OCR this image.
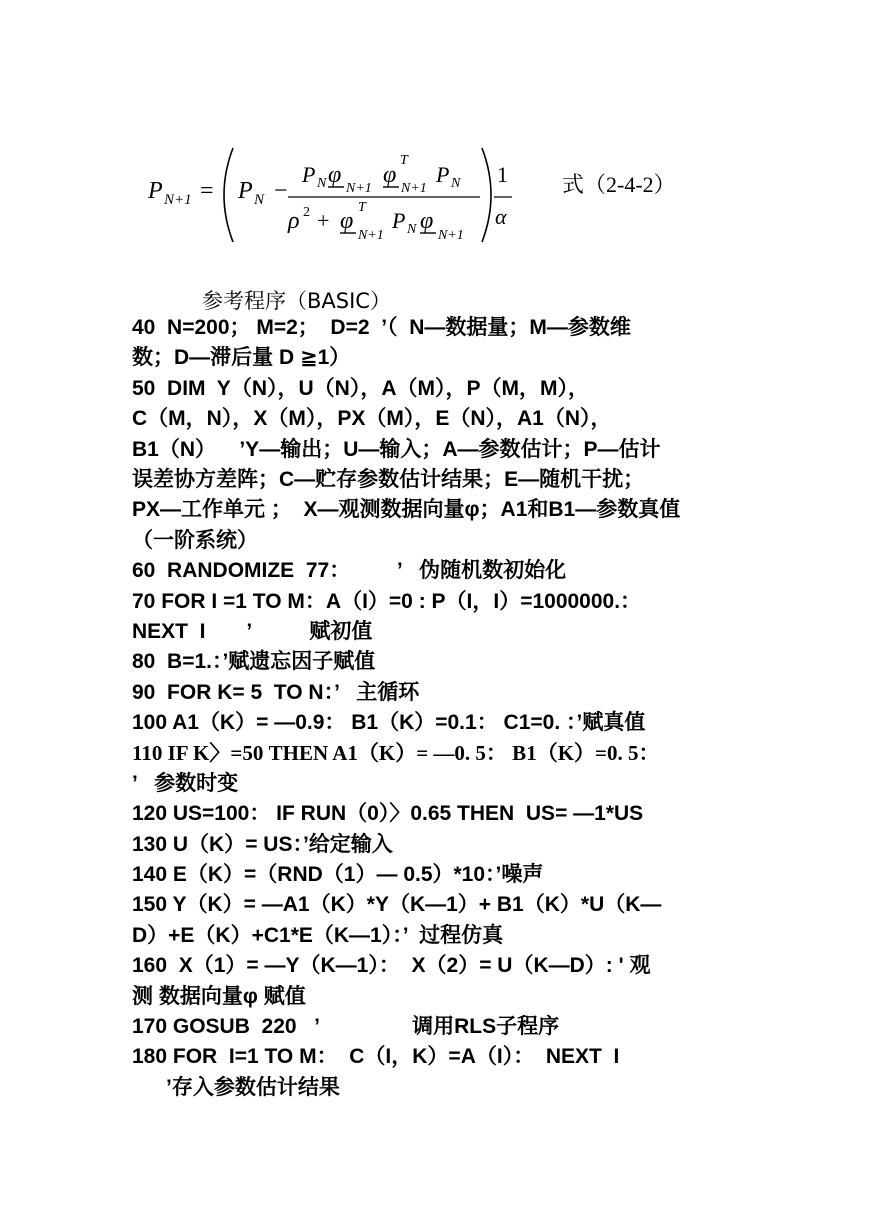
P N+1 = P N −
P N φ
N+1
φ
T
N+1
P N
ρ 2 + φ
T
N+1
P N φ
N+1
1
α
式（2-4-2）
参考程序（BASIC）
40  N=200； M=2；  D=2  ’（  N—数据量；M—参数维
数；D—滞后量 D ≧1）
50  DIM  Y（N），U（N），A（M），P（M，M），
C（M，N），X（M），PX（M），E（N），A1（N），
B1（N）    ’Y—输出；U—输入；A—参数估计；P—估计
误差协方差阵；C—贮存参数估计结果；E—随机干扰；
PX—工作单元 ；  X—观测数据向量φ；A1和B1—参数真值
（一阶系统）
60  RANDOMIZE  77：        ’   伪随机数初始化
70 FOR I =1 TO M：A（I）=0 : P（I，I）=1000000.：
NEXT  I       ’          赋初值
80  B=1.：’赋遗忘因子赋值
90  FOR K= 5  TO N：’   主循环
100 A1（K）= —0.9： B1（K）=0.1： C1=0. ：’赋真值
110 IF K〉=50 THEN A1（K）= —0. 5： B1（K）=0. 5：
’   参数时变
120 US=100： IF RUN（0）〉0.65 THEN  US= —1*US
130 U（K）= US：’给定输入
140 E（K）=（RND（1）— 0.5）*10：’噪声
150 Y（K）= —A1（K）*Y（K—1）+ B1（K）*U（K—
D）+E（K）+C1*E（K—1）：’  过程仿真
160  X（1）= —Y（K—1）：  X（2）= U（K—D）: ' 观
测 数据向量φ 赋值
170 GOSUB  220   ’                调用RLS子程序
180 FOR  I=1 TO M：  C（I，K）=A（I）：  NEXT  I
’存入参数估计结果
